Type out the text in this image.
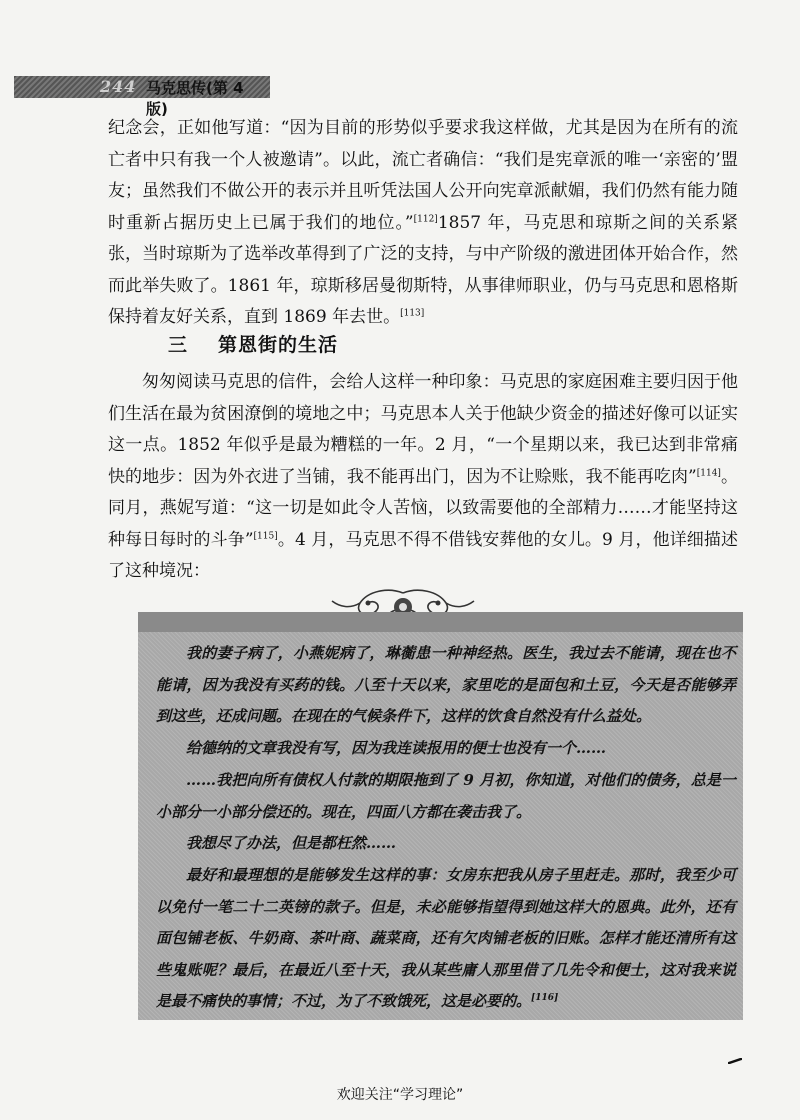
244 马克思传(第 4 版)

纪念会，正如他写道：“因为目前的形势似乎要求我这样做，尤其是因为在所有的流亡者中只有我一个人被邀请”。以此，流亡者确信：“我们是宪章派的唯一‘亲密的’盟友；虽然我们不做公开的表示并且听凭法国人公开向宪章派献媚，我们仍然有能力随时重新占据历史上已属于我们的地位。”[112]1857 年，马克思和琼斯之间的关系紧张，当时琼斯为了选举改革得到了广泛的支持，与中产阶级的激进团体开始合作，然而此举失败了。1861 年，琼斯移居曼彻斯特，从事律师职业，仍与马克思和恩格斯保持着友好关系，直到 1869 年去世。[113]

三 第恩街的生活

匆匆阅读马克思的信件，会给人这样一种印象：马克思的家庭困难主要归因于他们生活在最为贫困潦倒的境地之中；马克思本人关于他缺少资金的描述好像可以证实这一点。1852 年似乎是最为糟糕的一年。2 月，“一个星期以来，我已达到非常痛快的地步：因为外衣进了当铺，我不能再出门，因为不让赊账，我不能再吃肉”[114]。同月，燕妮写道：“这一切是如此令人苦恼，以致需要他的全部精力……才能坚持这种每日每时的斗争”[115]。4 月，马克思不得不借钱安葬他的女儿。9 月，他详细描述了这种境况：

我的妻子病了，小燕妮病了，琳蘅患一种神经热。医生，我过去不能请，现在也不能请，因为我没有买药的钱。八至十天以来，家里吃的是面包和土豆，今天是否能够弄到这些，还成问题。在现在的气候条件下，这样的饮食自然没有什么益处。

给德纳的文章我没有写，因为我连读报用的便士也没有一个……

……我把向所有债权人付款的期限拖到了 9 月初，你知道，对他们的债务，总是一小部分一小部分偿还的。现在，四面八方都在袭击我了。

我想尽了办法，但是都枉然……

最好和最理想的是能够发生这样的事：女房东把我从房子里赶走。那时，我至少可以免付一笔二十二英镑的款子。但是，未必能够指望得到她这样大的恩典。此外，还有面包铺老板、牛奶商、茶叶商、蔬菜商，还有欠肉铺老板的旧账。怎样才能还清所有这些鬼账呢？最后，在最近八至十天，我从某些庸人那里借了几先令和便士，这对我来说是最不痛快的事情；不过，为了不致饿死，这是必要的。[116]

欢迎关注“学习理论”
